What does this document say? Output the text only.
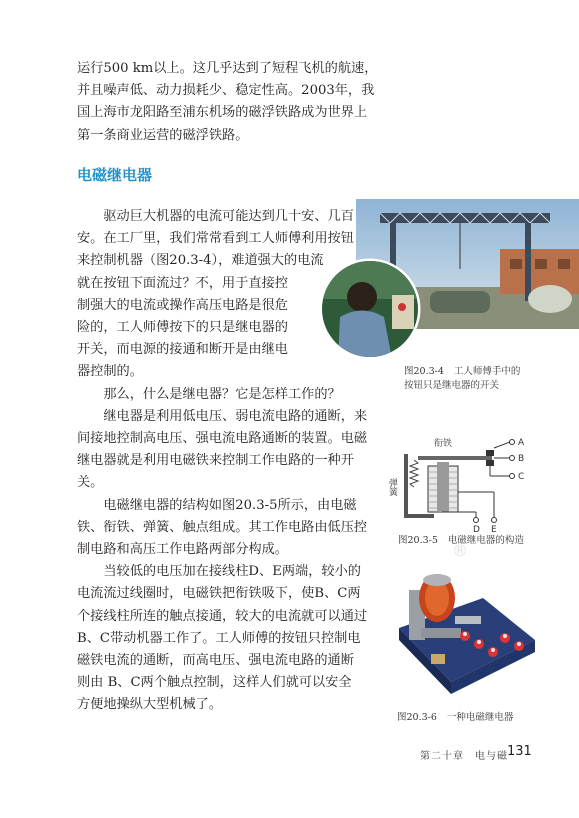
运行500 km以上。这几乎达到了短程飞机的航速，
并且噪声低、动力损耗少、稳定性高。2003年，我
国上海市龙阳路至浦东机场的磁浮铁路成为世界上
第一条商业运营的磁浮铁路。
电磁继电器
　　驱动巨大机器的电流可能达到几十安、几百
安。在工厂里，我们常常看到工人师傅利用按钮
来控制机器（图20.3-4），难道强大的电流
就在按钮下面流过？不，用于直接控
制强大的电流或操作高压电路是很危
险的，工人师傅按下的只是继电器的
开关，而电源的接通和断开是由继电
器控制的。
　　那么，什么是继电器？它是怎样工作的？
　　继电器是利用低电压、弱电流电路的通断，来
间接地控制高电压、强电流电路通断的装置。电磁
继电器就是利用电磁铁来控制工作电路的一种开
关。
　　电磁继电器的结构如图20.3-5所示，由电磁
铁、衔铁、弹簧、触点组成。其工作电路由低压控
制电路和高压工作电路两部分构成。
　　当较低的电压加在接线柱D、E两端，较小的
电流流过线圈时，电磁铁把衔铁吸下，使B、C两
个接线柱所连的触点接通，较大的电流就可以通过
B、C带动机器工作了。工人师傅的按钮只控制电
磁铁电流的通断，而高电压、强电流电路的通断
则由 B、C两个触点控制，这样人们就可以安全
方便地操纵大型机械了。
图20.3-4 工人师傅手中的
按钮只是继电器的开关
衔铁
弹簧
A
B
C
D E
图20.3-5 电磁继电器的构造
®
图20.3-6 一种电磁继电器
第二十章　电与磁 131
